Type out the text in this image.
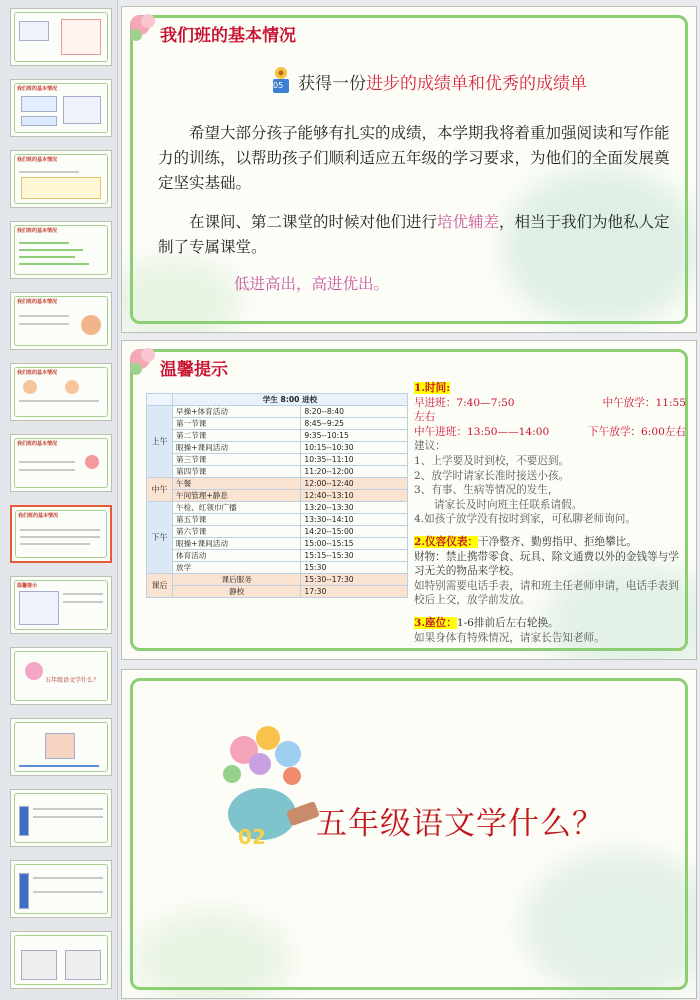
我们班的基本情况
我们班的基本情况
我们班的基本情况
我们班的基本情况
我们班的基本情况
我们班的基本情况
我们班的基本情况
温馨提示
五年级语文学什么？
我们班的基本情况
05 获得一份进步的成绩单和优秀的成绩单
希望大部分孩子能够有扎实的成绩，本学期我将着重加强阅读和写作能力的训练，以帮助孩子们顺利适应五年级的学习要求，为他们的全面发展奠定坚实基础。
在课间、第二课堂的时候对他们进行培优辅差，相当于我们为他私人定制了专属课堂。
低进高出，高进优出。
温馨提示
	学生 8:00 进校	
上午	早操+体育活动	8:20--8:40
	第一节课	8:45--9:25
	第二节课	9:35--10:15
	眼操+课间活动	10:15--10:30
	第三节课	10:35--11:10
	第四节课	11:20--12:00
中午	午餐	12:00--12:40
	午间管理+静息	12:40--13:10
下午	午检、红领巾广播	13:20--13:30
	第五节课	13:30--14:10
	第六节课	14:20--15:00
	眼操+课间活动	15:00--15:15
	体育活动	15:15--15:30
	放学	15:30
课后	课后服务	15:30--17:30
	静校	17:30

1.时间:

早进班：7:40—7:50	中午放学：11:55

左右

中午进班：13:50——14:00	下午放学：6:00左右

建议：

1、上学要及时到校，不要迟到。

2、放学时请家长准时接送小孩。

3、有事、生病等情况的发生，

请家长及时向班主任联系请假。

4.如孩子放学没有按时到家，可私聊老师询问。

2.仪容仪表：干净整齐、勤剪指甲、拒绝攀比。

财物：禁止携带零食、玩具、除文通费以外的金钱等与学习无关的物品来学校。

如特别需要电话手表，请和班主任老师申请，电话手表到校后上交，放学前发放。

3.座位：1-6排前后左右轮换。

如果身体有特殊情况，请家长告知老师。

02 五年级语文学什么？
